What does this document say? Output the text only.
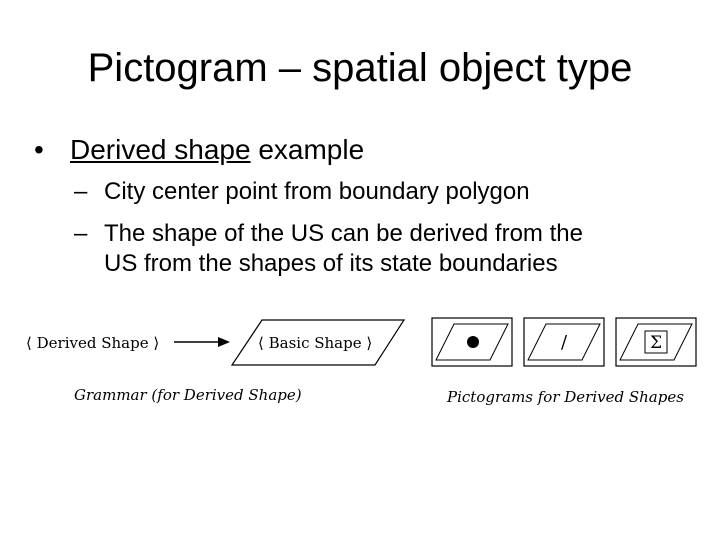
Pictogram – spatial object type
• Derived shape example
– City center point from boundary polygon
– The shape of the US can be derived from the
US from the shapes of its state boundaries
⟨ Derived Shape ⟩	⟨ Basic Shape ⟩
Grammar (for Derived Shape)
/	Σ
Pictograms for Derived Shapes
